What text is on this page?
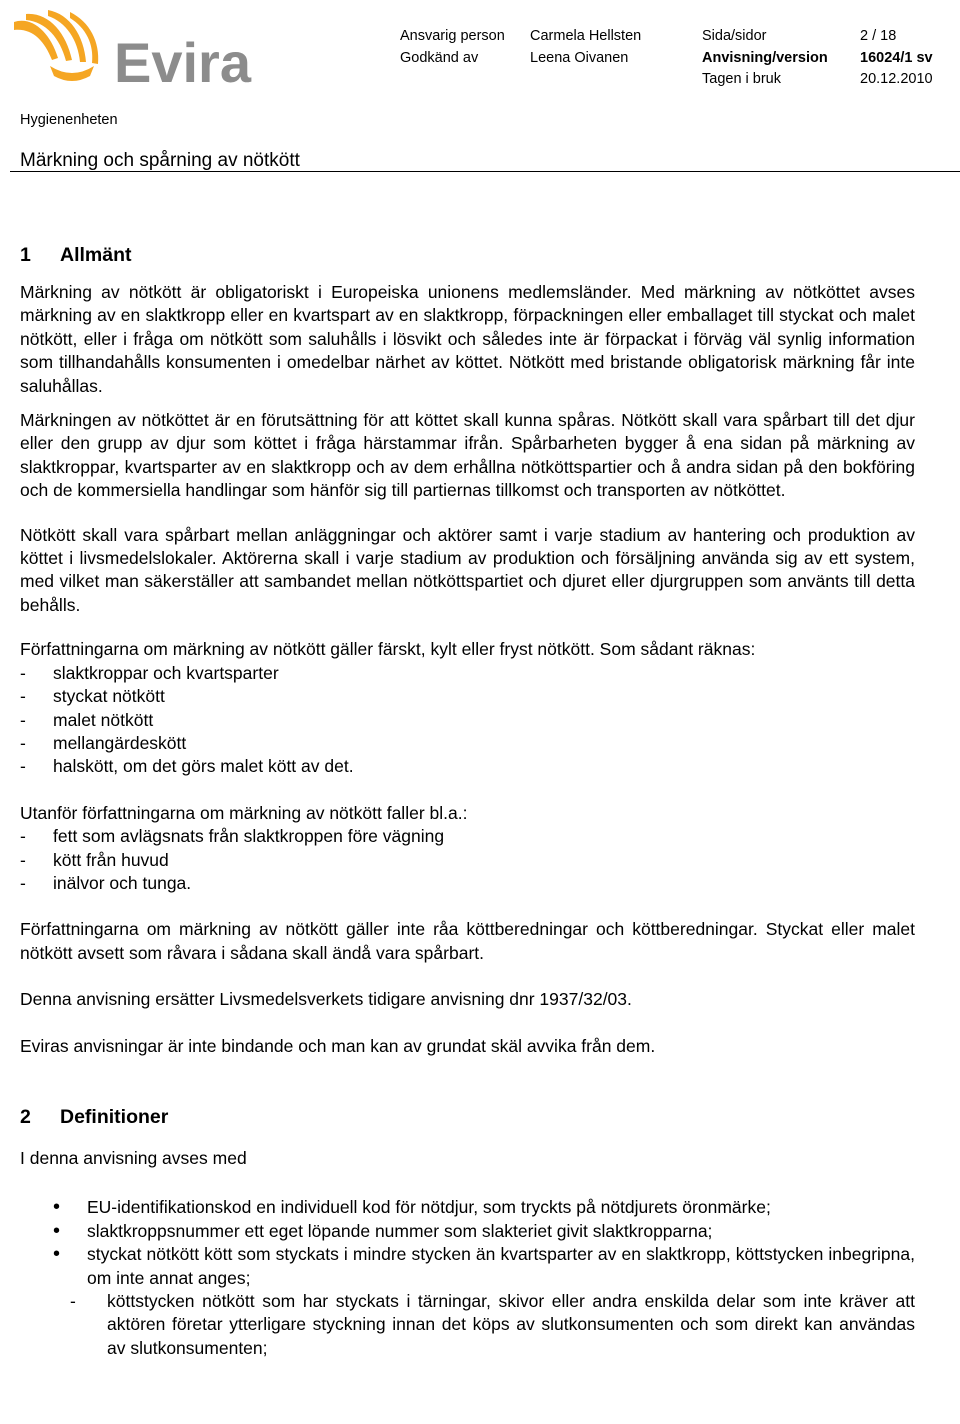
Evira	Ansvarig person Carmela Hellsten	Sida/sidor	2 / 18
Godkänd av	Leena Oivanen	Anvisning/version 16024/1 sv
Tagen i bruk	20.12.2010
Hygienenheten
Märkning och spårning av nötkött
1 Allmänt

Märkning av nötkött är obligatoriskt i Europeiska unionens medlemsländer. Med märkning av nötköttet avses märkning av en slaktkropp eller en kvartspart av en slaktkropp, förpackningen eller emballaget till styckat och malet nötkött, eller i fråga om nötkött som saluhålls i lösvikt och således inte är förpackat i förväg väl synlig information som tillhandahålls konsumenten i omedelbar närhet av köttet. Nötkött med bristande obligatorisk märkning får inte saluhållas.

Märkningen av nötköttet är en förutsättning för att köttet skall kunna spåras. Nötkött skall vara spårbart till det djur eller den grupp av djur som köttet i fråga härstammar ifrån. Spårbarheten bygger å ena sidan på märkning av slaktkroppar, kvartsparter av en slaktkropp och av dem erhållna nötköttspartier och å andra sidan på den bokföring och de kommersiella handlingar som hänför sig till partiernas tillkomst och transporten av nötköttet.

Nötkött skall vara spårbart mellan anläggningar och aktörer samt i varje stadium av hantering och produktion av köttet i livsmedelslokaler. Aktörerna skall i varje stadium av produktion och försäljning använda sig av ett system, med vilket man säkerställer att sambandet mellan nötköttspartiet och djuret eller djurgruppen som använts till detta behålls.

Författningarna om märkning av nötkött gäller färskt, kylt eller fryst nötkött. Som sådant räknas:

- slaktkroppar och kvartsparter
- styckat nötkött
- malet nötkött
- mellangärdeskött
- halskött, om det görs malet kött av det.

Utanför författningarna om märkning av nötkött faller bl.a.:

- fett som avlägsnats från slaktkroppen före vägning
- kött från huvud
- inälvor och tunga.

Författningarna om märkning av nötkött gäller inte råa köttberedningar och köttberedningar. Styckat eller malet nötkött avsett som råvara i sådana skall ändå vara spårbart.

Denna anvisning ersätter Livsmedelsverkets tidigare anvisning dnr 1937/32/03.

Eviras anvisningar är inte bindande och man kan av grundat skäl avvika från dem.

2 Definitioner

I denna anvisning avses med

• EU-identifikationskod en individuell kod för nötdjur, som tryckts på nötdjurets öronmärke;
• slaktkroppsnummer ett eget löpande nummer som slakteriet givit slaktkropparna;
• styckat nötkött kött som styckats i mindre stycken än kvartsparter av en slaktkropp, köttstycken inbegripna, om inte annat anges;
- köttstycken nötkött som har styckats i tärningar, skivor eller andra enskilda delar som inte kräver att aktören företar ytterligare styckning innan det köps av slutkonsumenten och som direkt kan användas av slutkonsumenten;
